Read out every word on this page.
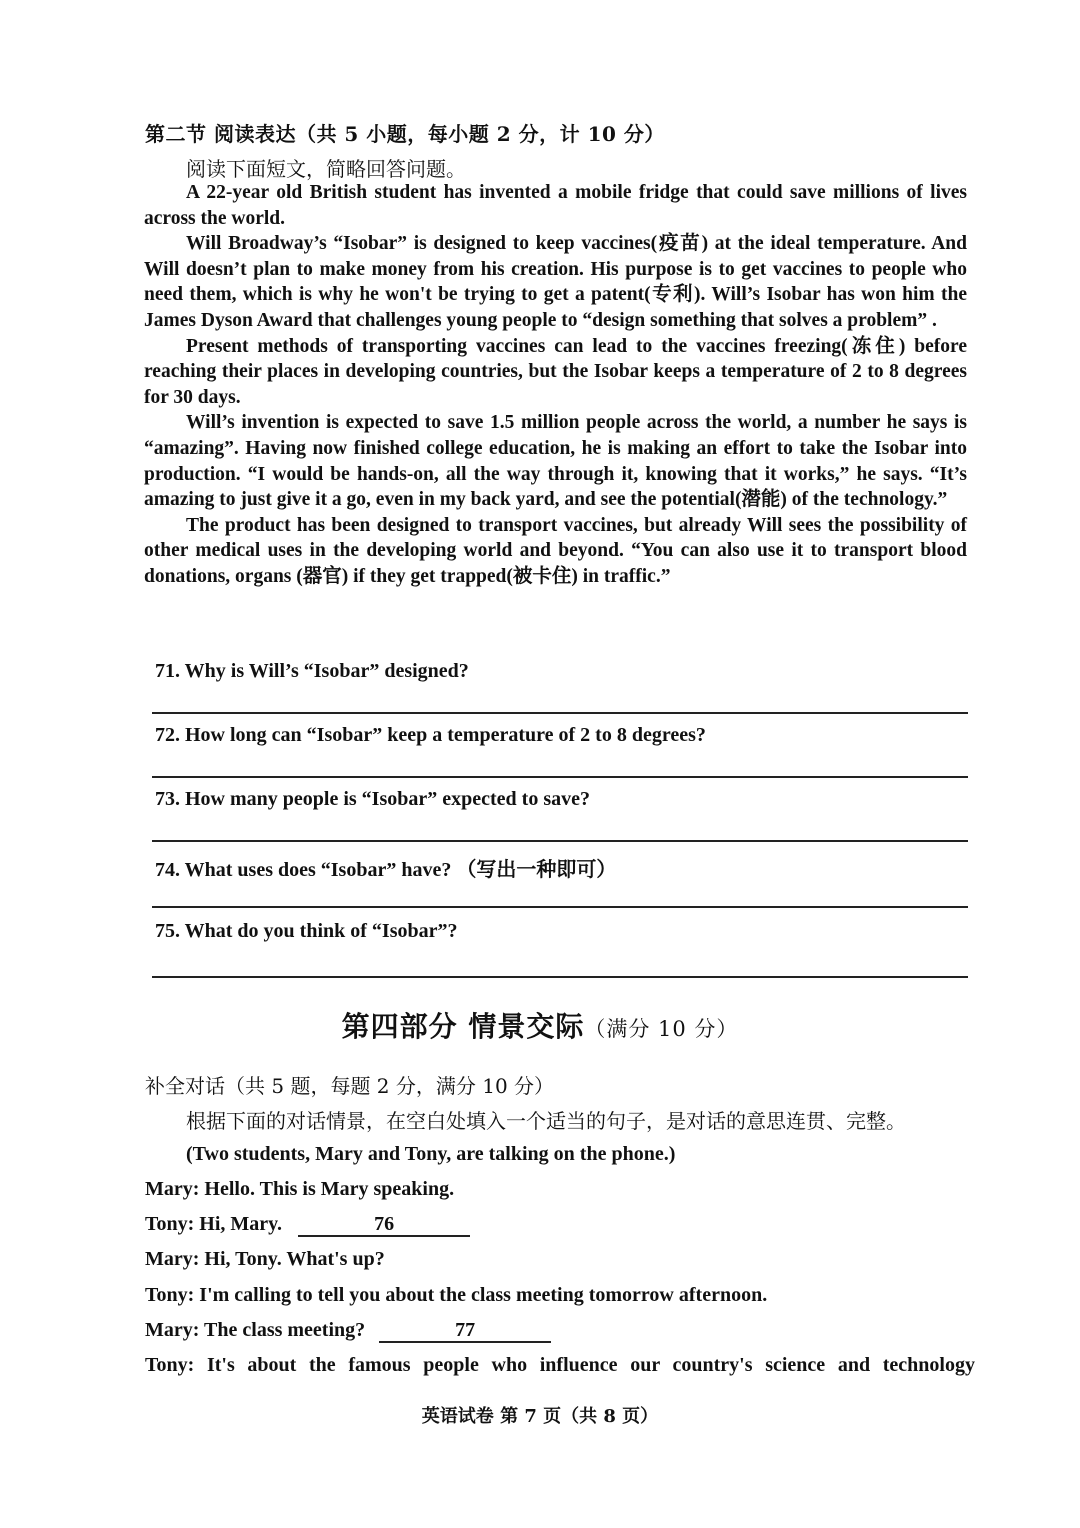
第二节 阅读表达（共 5 小题，每小题 2 分，计 10 分）
阅读下面短文，简略回答问题。

A 22-year old British student has invented a mobile fridge that could save millions of lives across the world.

Will Broadway’s “Isobar” is designed to keep vaccines(疫苗) at the ideal temperature. And Will doesn’t plan to make money from his creation. His purpose is to get vaccines to people who need them, which is why he won't be trying to get a patent(专利). Will’s Isobar has won him the James Dyson Award that challenges young people to “design something that solves a problem” .

Present methods of transporting vaccines can lead to the vaccines freezing(冻住) before reaching their places in developing countries, but the Isobar keeps a temperature of 2 to 8 degrees for 30 days.

Will’s invention is expected to save 1.5 million people across the world, a number he says is “amazing”. Having now finished college education, he is making an effort to take the Isobar into production. “I would be hands-on, all the way through it, knowing that it works,” he says. “It’s amazing to just give it a go, even in my back yard, and see the potential(潜能) of the technology.”

The product has been designed to transport vaccines, but already Will sees the possibility of other medical uses in the developing world and beyond. “You can also use it to transport blood donations, organs (器官) if they get trapped(被卡住) in traffic.”

71. Why is Will’s “Isobar” designed?
72. How long can “Isobar” keep a temperature of 2 to 8 degrees?
73. How many people is “Isobar” expected to save?
74. What uses does “Isobar” have? （写出一种即可）
75. What do you think of “Isobar”?
第四部分 情景交际（满分 10 分）
补全对话（共 5 题，每题 2 分，满分 10 分）
根据下面的对话情景，在空白处填入一个适当的句子，是对话的意思连贯、完整。
(Two students, Mary and Tony, are talking on the phone.)
Mary: Hello. This is Mary speaking.
Tony: Hi, Mary.	76
Mary: Hi, Tony. What's up?
Tony: I'm calling to tell you about the class meeting tomorrow afternoon.
Mary: The class meeting?	77
Tony: It's about the famous people who influence our country's science and technology
英语试卷 第 7 页（共 8 页）
